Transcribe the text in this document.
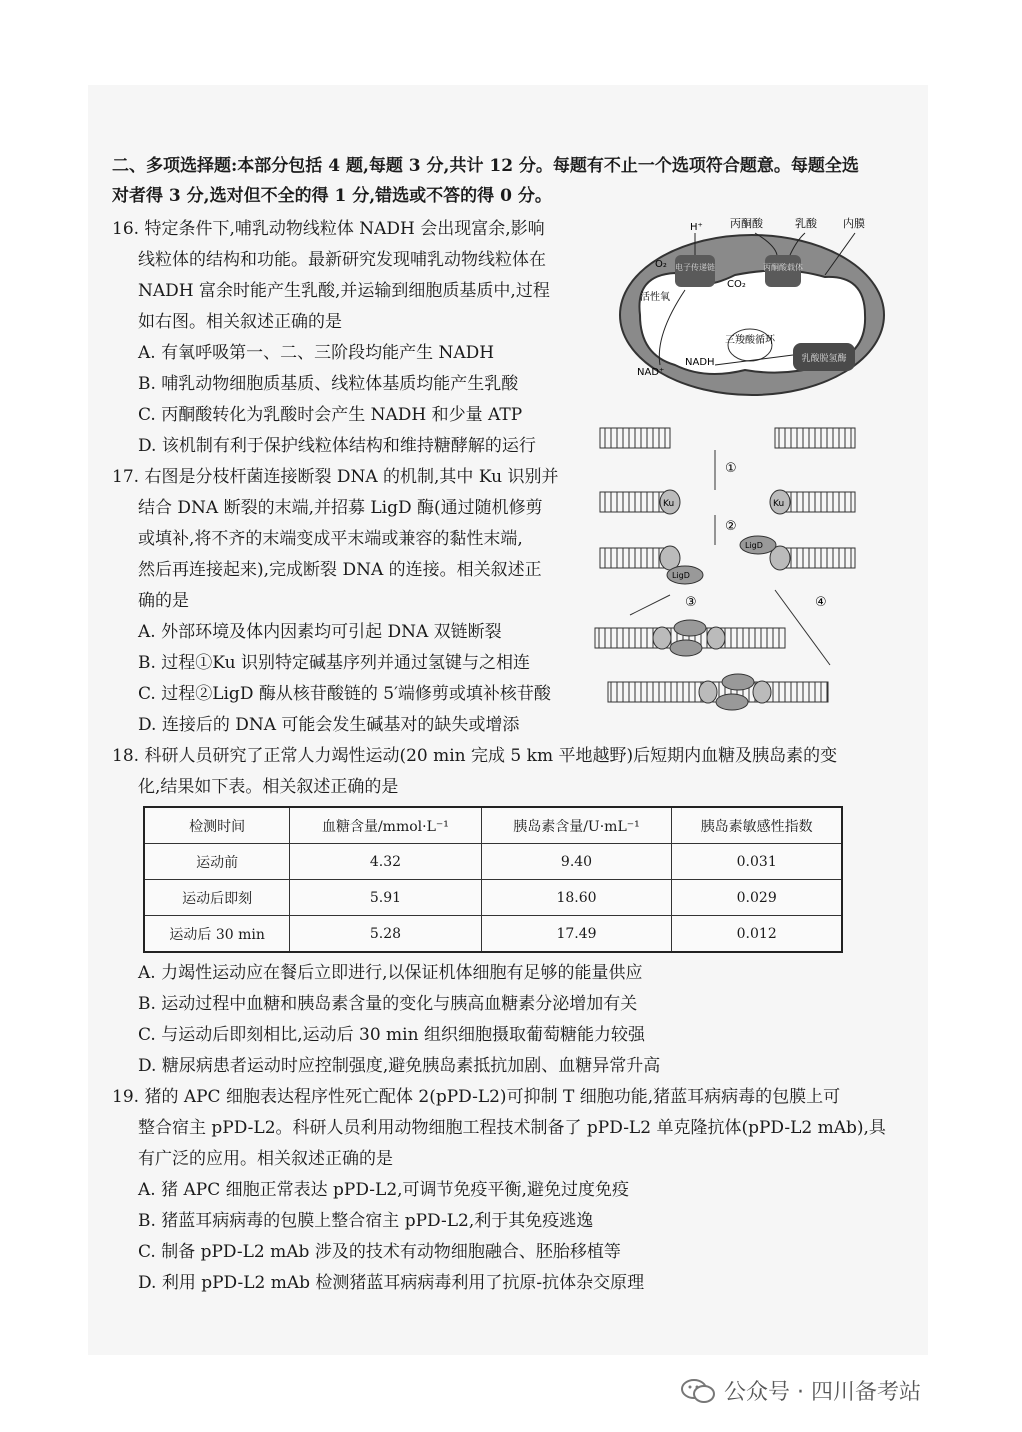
二、多项选择题:本部分包括 4 题,每题 3 分,共计 12 分。每题有不止一个选项符合题意。每题全选
对者得 3 分,选对但不全的得 1 分,错选或不答的得 0 分。
16. 特定条件下,哺乳动物线粒体 NADH 会出现富余,影响
线粒体的结构和功能。最新研究发现哺乳动物线粒体在
NADH 富余时能产生乳酸,并运输到细胞质基质中,过程
如右图。相关叙述正确的是
A. 有氧呼吸第一、二、三阶段均能产生 NADH
B. 哺乳动物细胞质基质、线粒体基质均能产生乳酸
C. 丙酮酸转化为乳酸时会产生 NADH 和少量 ATP
D. 该机制有利于保护线粒体结构和维持糖酵解的运行
电子传递链	丙酮酸载体
乳酸脱氢酶
三羧酸循环
H⁺ 丙酮酸	乳酸 内膜
O₂
CO₂
活性氧
NADH
NAD⁺
17. 右图是分枝杆菌连接断裂 DNA 的机制,其中 Ku 识别并
结合 DNA 断裂的末端,并招募 LigD 酶(通过随机修剪
或填补,将不齐的末端变成平末端或兼容的黏性末端,
然后再连接起来),完成断裂 DNA 的连接。相关叙述正
确的是
A. 外部环境及体内因素均可引起 DNA 双链断裂
B. 过程①Ku 识别特定碱基序列并通过氢键与之相连
C. 过程②LigD 酶从核苷酸链的 5′端修剪或填补核苷酸
D. 连接后的 DNA 可能会发生碱基对的缺失或增添
①
Ku	Ku
②
LigD
LigD
③	④
18. 科研人员研究了正常人力竭性运动(20 min 完成 5 km 平地越野)后短期内血糖及胰岛素的变
化,结果如下表。相关叙述正确的是
检测时间	血糖含量/mmol·L⁻¹	胰岛素含量/U·mL⁻¹	胰岛素敏感性指数
运动前	4.32	9.40	0.031
运动后即刻	5.91	18.60	0.029
运动后 30 min	5.28	17.49	0.012
A. 力竭性运动应在餐后立即进行,以保证机体细胞有足够的能量供应
B. 运动过程中血糖和胰岛素含量的变化与胰高血糖素分泌增加有关
C. 与运动后即刻相比,运动后 30 min 组织细胞摄取葡萄糖能力较强
D. 糖尿病患者运动时应控制强度,避免胰岛素抵抗加剧、血糖异常升高
19. 猪的 APC 细胞表达程序性死亡配体 2(pPD-L2)可抑制 T 细胞功能,猪蓝耳病病毒的包膜上可
整合宿主 pPD-L2。科研人员利用动物细胞工程技术制备了 pPD-L2 单克隆抗体(pPD-L2 mAb),具
有广泛的应用。相关叙述正确的是
A. 猪 APC 细胞正常表达 pPD-L2,可调节免疫平衡,避免过度免疫
B. 猪蓝耳病病毒的包膜上整合宿主 pPD-L2,利于其免疫逃逸
C. 制备 pPD-L2 mAb 涉及的技术有动物细胞融合、胚胎移植等
D. 利用 pPD-L2 mAb 检测猪蓝耳病病毒利用了抗原-抗体杂交原理
公众号 · 四川备考站
